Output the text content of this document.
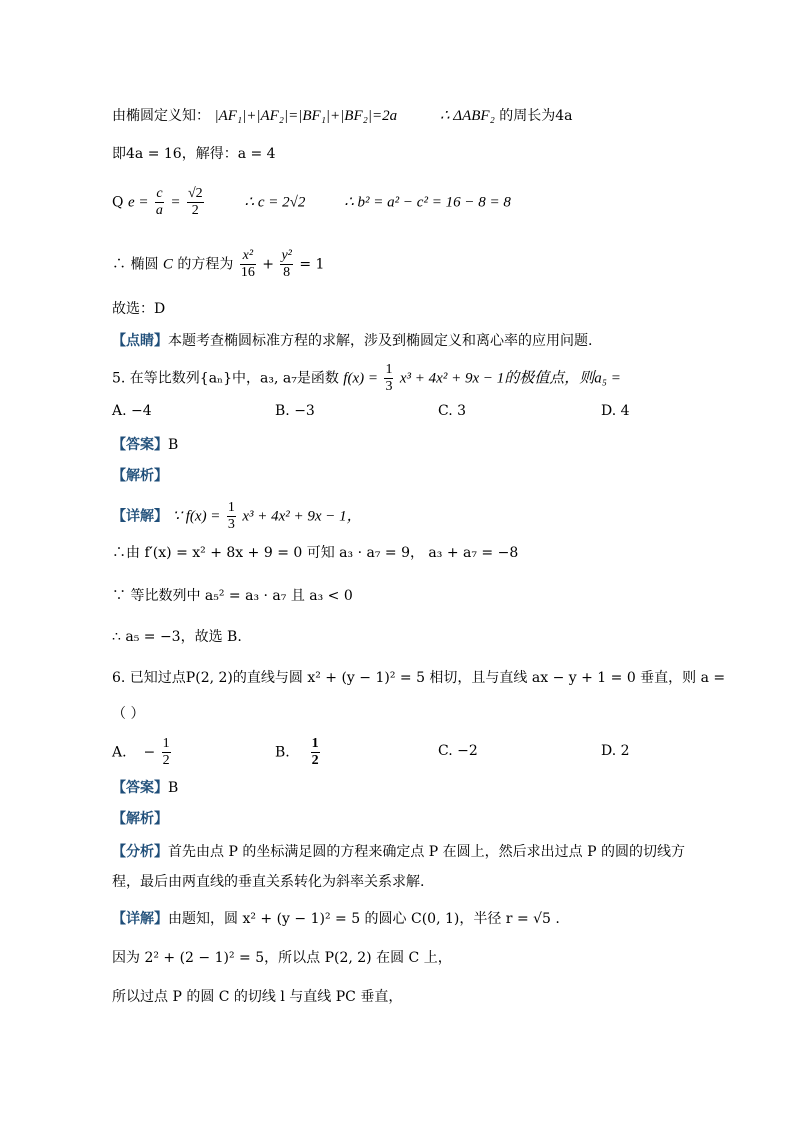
由椭圆定义知： |AF₁|+|AF₂|=|BF₁|+|BF₂|=2a	∴ ΔABF₂ 的周长为4a
即4a = 16，解得：a = 4
Q $e = \frac{c}{a} = \frac{√2}{2}$	∴ c = 2√2	∴ b² = a² − c² = 16 − 8 = 8
∴ 椭圆 C 的方程为 $\frac{\text{x²}}{16} + \frac{\text{y²}}{8} = 1$
故选：D
【点睛】本题考查椭圆标准方程的求解，涉及到椭圆定义和离心率的应用问题.
5. 在等比数列{aₙ}中，a₃, a₇是函数 $f(x) = \frac{1}{3} x^3 + 4x^2 + 9x - 1$的极值点，则a₅ =
A. −4	B. −3	C. 3	D. 4
【答案】B
【解析】
【详解】 ∵ $f(x) = \frac{1}{3} x^3 + 4x^2 + 9x - 1$，
∴由 f′(x) = x² + 8x + 9 = 0 可知 a₃ · a₇ = 9， a₃ + a₇ = −8
∵ 等比数列中 a₅² = a₃ · a₇ 且 a₃ < 0
∴ a₅ = −3，故选 B.
6. 已知过点P(2, 2)的直线与圆 x² + (y − 1)² = 5 相切，且与直线 ax − y + 1 = 0 垂直，则 a =
（ ）
A. − $\frac{1}{2}$	B. $\frac{1}{2}$	C. −2	D. 2
【答案】B
【解析】
【分析】首先由点 P 的坐标满足圆的方程来确定点 P 在圆上，然后求出过点 P 的圆的切线方
程，最后由两直线的垂直关系转化为斜率关系求解.
【详解】由题知，圆 x² + (y − 1)² = 5 的圆心 C(0, 1)，半径 r = √5 .
因为 2² + (2 − 1)² = 5，所以点 P(2, 2) 在圆 C 上，
所以过点 P 的圆 C 的切线 l 与直线 PC 垂直，
